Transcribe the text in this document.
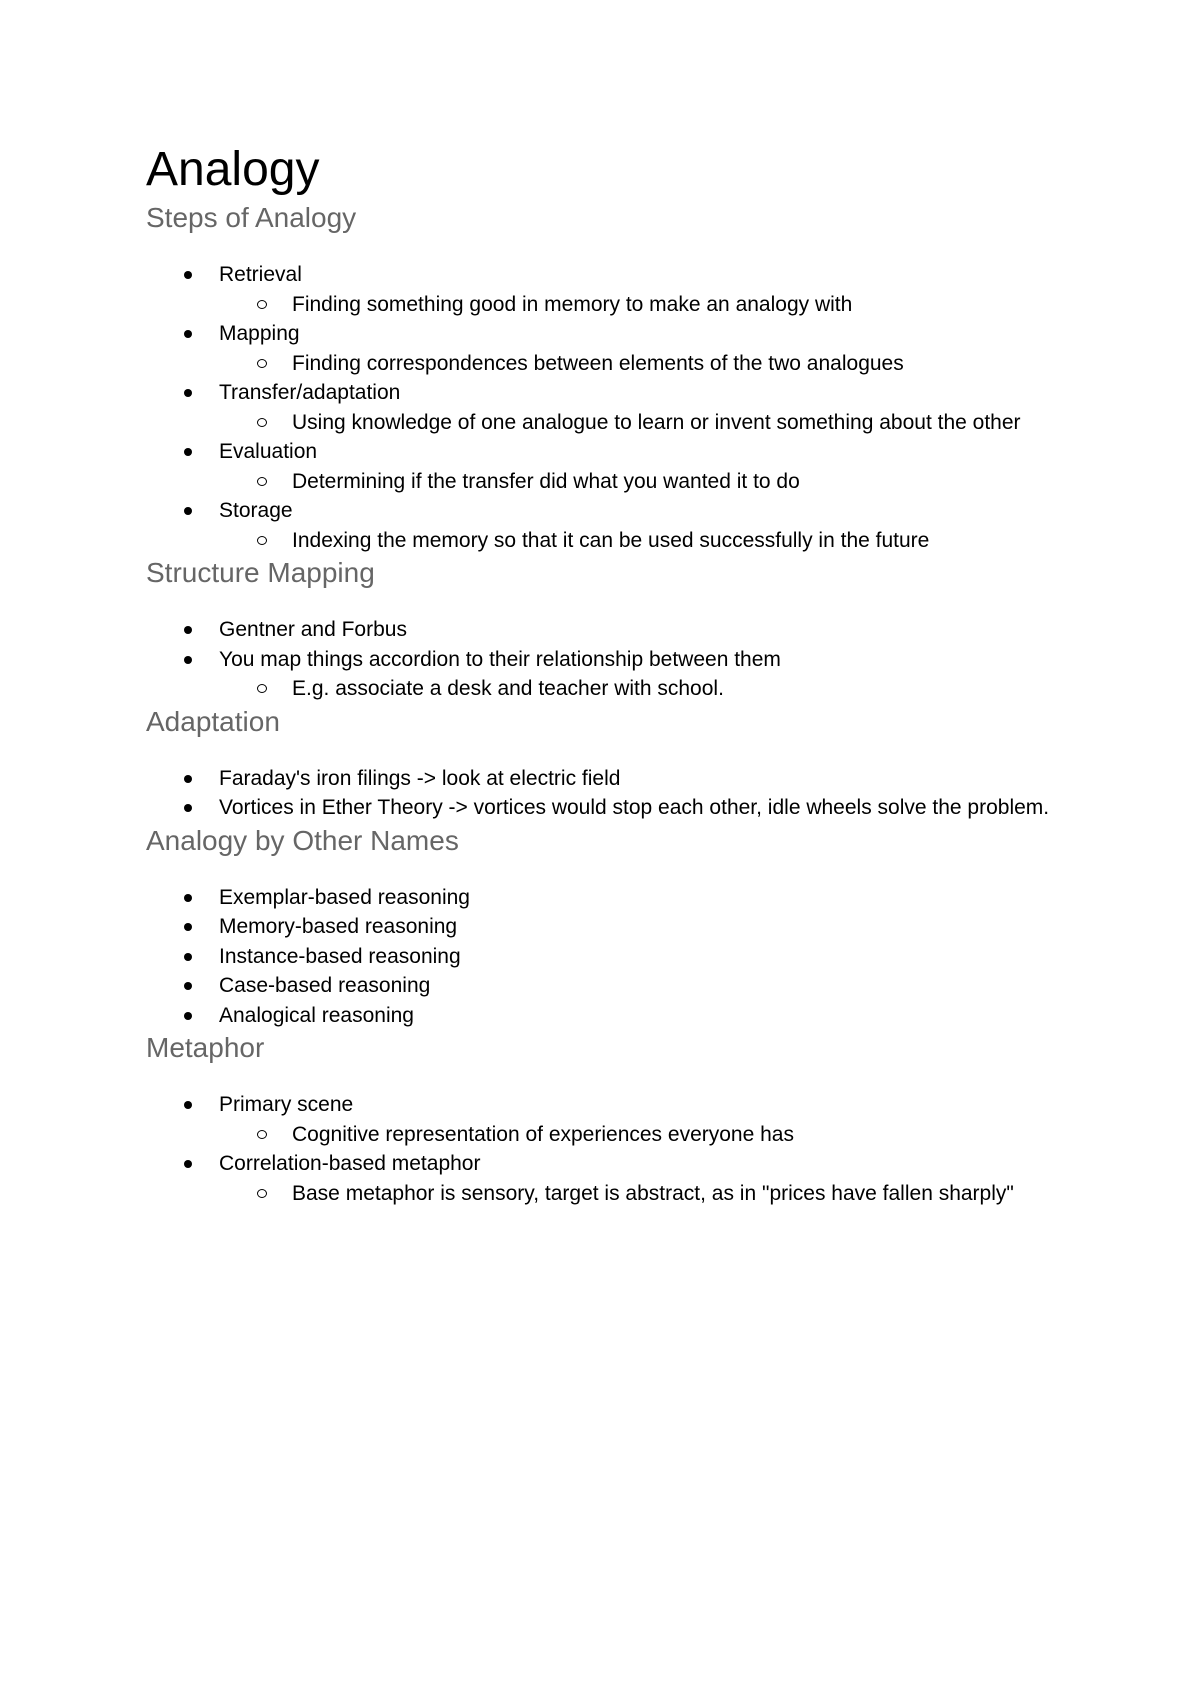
Analogy
Steps of Analogy
Retrieval
Finding something good in memory to make an analogy with
Mapping
Finding correspondences between elements of the two analogues
Transfer/adaptation
Using knowledge of one analogue to learn or invent something about the other
Evaluation
Determining if the transfer did what you wanted it to do
Storage
Indexing the memory so that it can be used successfully in the future
Structure Mapping
Gentner and Forbus
You map things accordion to their relationship between them
E.g. associate a desk and teacher with school.
Adaptation
Faraday's iron filings -> look at electric field
Vortices in Ether Theory -> vortices would stop each other, idle wheels solve the problem.
Analogy by Other Names
Exemplar-based reasoning
Memory-based reasoning
Instance-based reasoning
Case-based reasoning
Analogical reasoning
Metaphor
Primary scene
Cognitive representation of experiences everyone has
Correlation-based metaphor
Base metaphor is sensory, target is abstract, as in "prices have fallen sharply"
